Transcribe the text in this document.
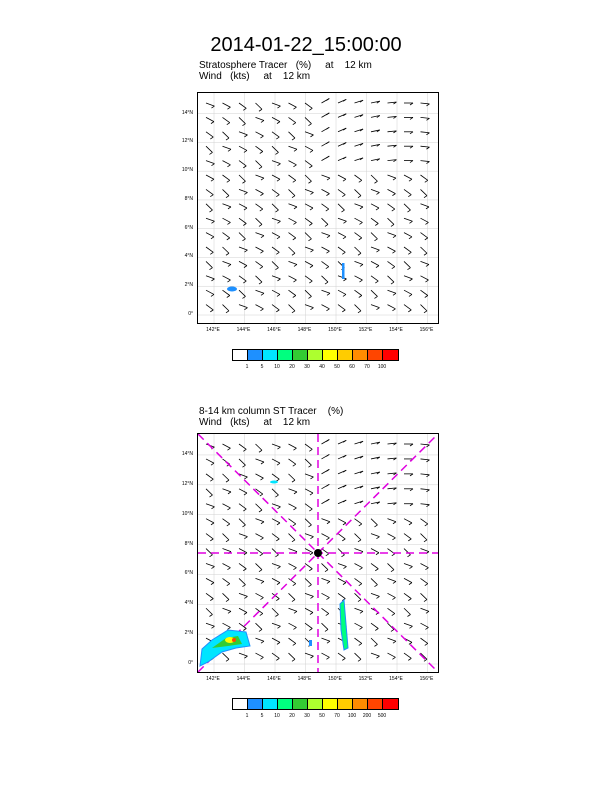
2014-01-22_15:00:00
Stratosphere Tracer   (%)     at    12 km
Wind   (kts)     at    12 km
0°
2°N
4°N
6°N
8°N
10°N
12°N
14°N
142°E	144°E	146°E	148°E	150°E	152°E	154°E	156°E
1	5	10	20	30	40	50	60	70	100
8-14 km column ST Tracer    (%)
Wind   (kts)     at    12 km
0°
2°N
4°N
6°N
8°N
10°N
12°N
14°N
142°E	144°E	146°E	148°E	150°E	152°E	154°E	156°E
1	5	10	20	30	50	70	100	200	500
